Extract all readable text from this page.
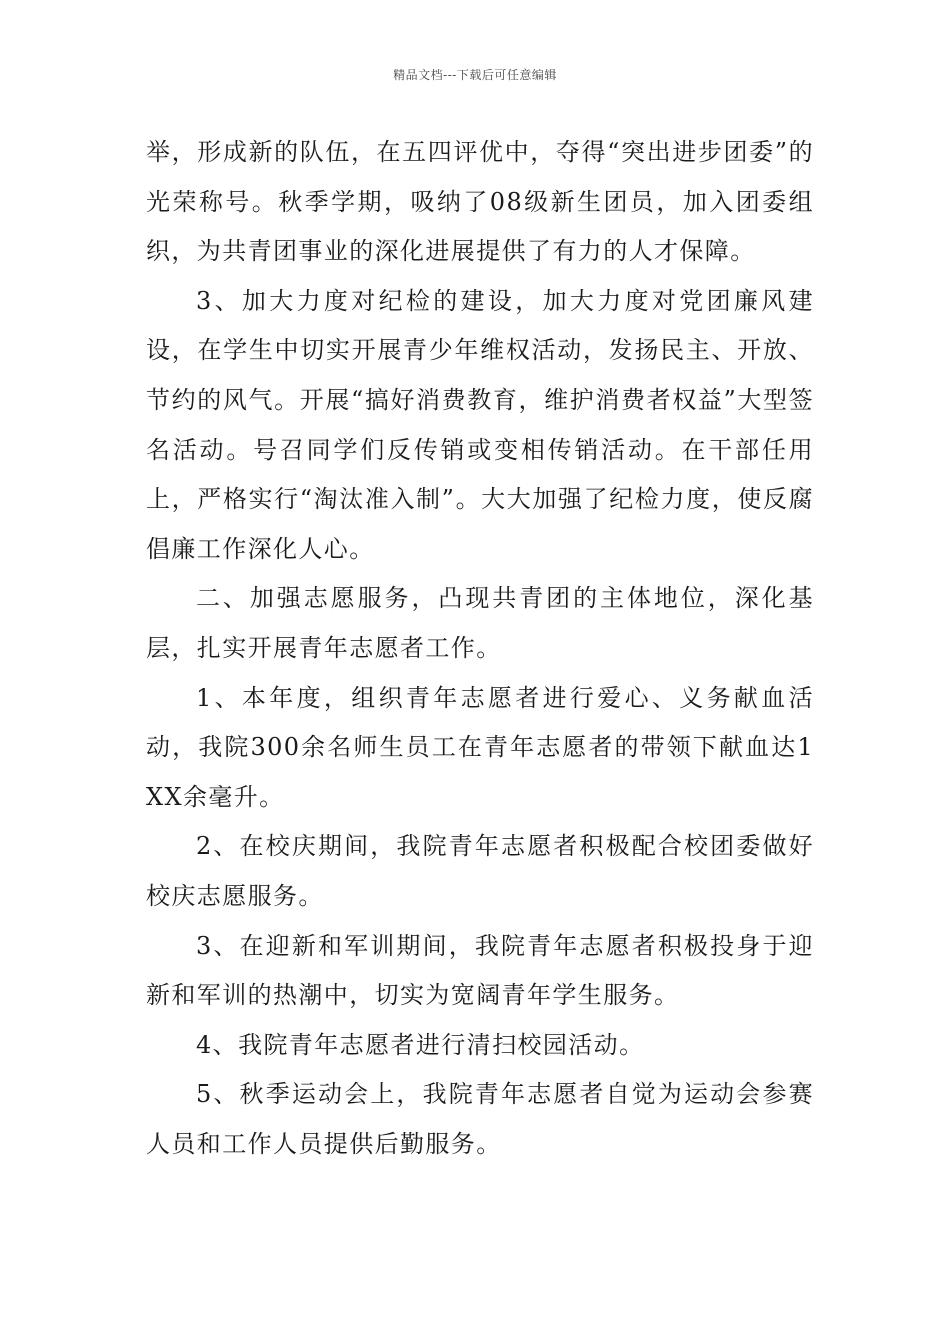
精品文档---下载后可任意编辑

举，形成新的队伍，在五四评优中，夺得“突出进步团委”的光荣称号。秋季学期，吸纳了08级新生团员，加入团委组织，为共青团事业的深化进展提供了有力的人才保障。

3、加大力度对纪检的建设，加大力度对党团廉风建设，在学生中切实开展青少年维权活动，发扬民主、开放、节约的风气。开展“搞好消费教育，维护消费者权益”大型签名活动。号召同学们反传销或变相传销活动。在干部任用上，严格实行“淘汰准入制”。大大加强了纪检力度，使反腐倡廉工作深化人心。

二、加强志愿服务，凸现共青团的主体地位，深化基层，扎实开展青年志愿者工作。

1、本年度，组织青年志愿者进行爱心、义务献血活动，我院300余名师生员工在青年志愿者的带领下献血达1XX余毫升。

2、在校庆期间，我院青年志愿者积极配合校团委做好校庆志愿服务。

3、在迎新和军训期间，我院青年志愿者积极投身于迎新和军训的热潮中，切实为宽阔青年学生服务。

4、我院青年志愿者进行清扫校园活动。

5、秋季运动会上，我院青年志愿者自觉为运动会参赛人员和工作人员提供后勤服务。
